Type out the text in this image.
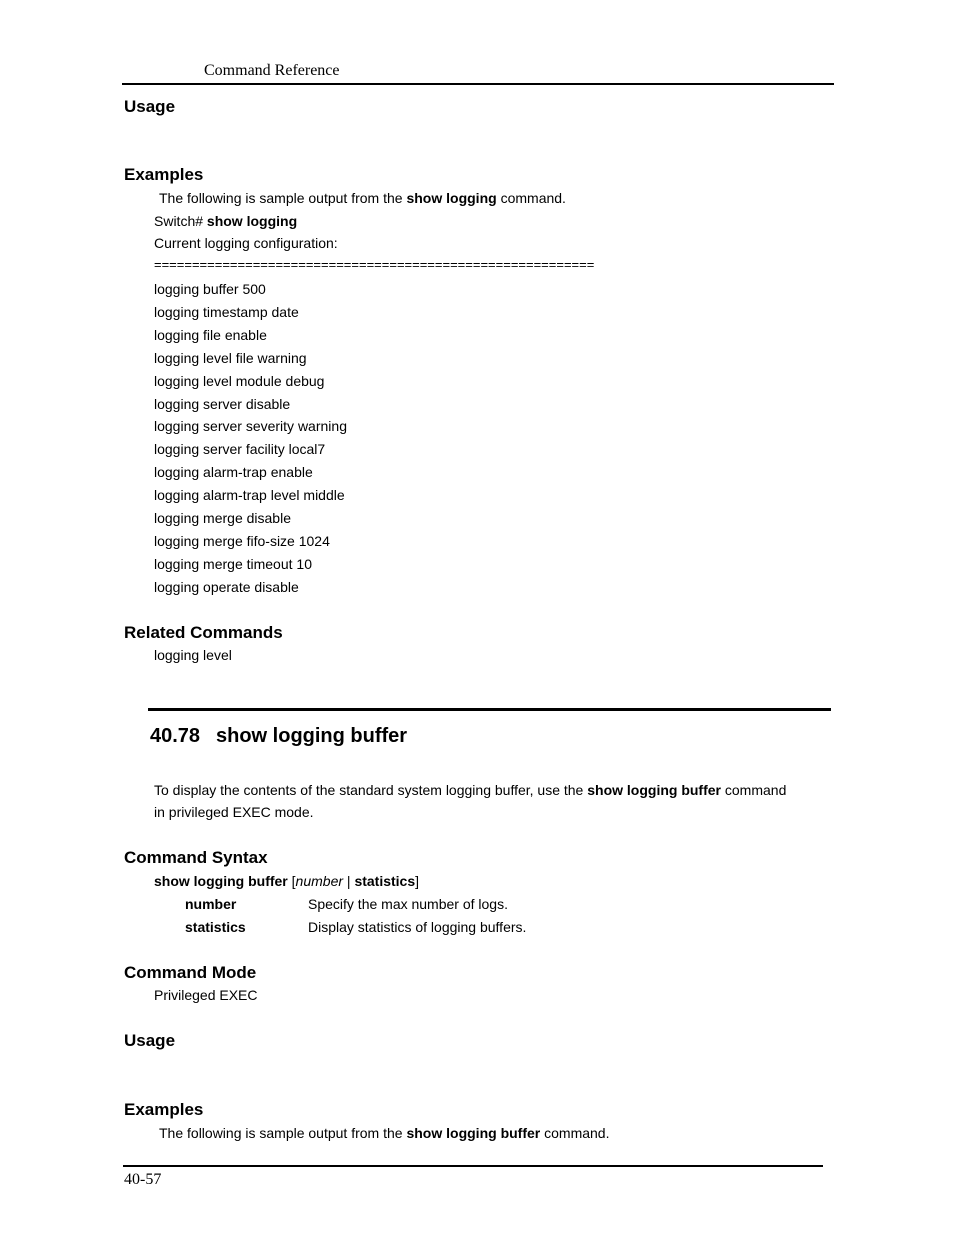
Command Reference
Usage
Examples
The following is sample output from the show logging command.
Switch# show logging
Current logging configuration:
==========================================================
logging buffer 500
logging timestamp date
logging file enable
logging level file warning
logging level module debug
logging server disable
logging server severity warning
logging server facility local7
logging alarm-trap enable
logging alarm-trap level middle
logging merge disable
logging merge fifo-size 1024
logging merge timeout 10
logging operate disable
Related Commands
logging level
40.78 show logging buffer
To display the contents of the standard system logging buffer, use the show logging buffer command
in privileged EXEC mode.
Command Syntax
show logging buffer [number | statistics]
number	Specify the max number of logs.
statistics	Display statistics of logging buffers.
Command Mode
Privileged EXEC
Usage
Examples
The following is sample output from the show logging buffer command.
40-57
